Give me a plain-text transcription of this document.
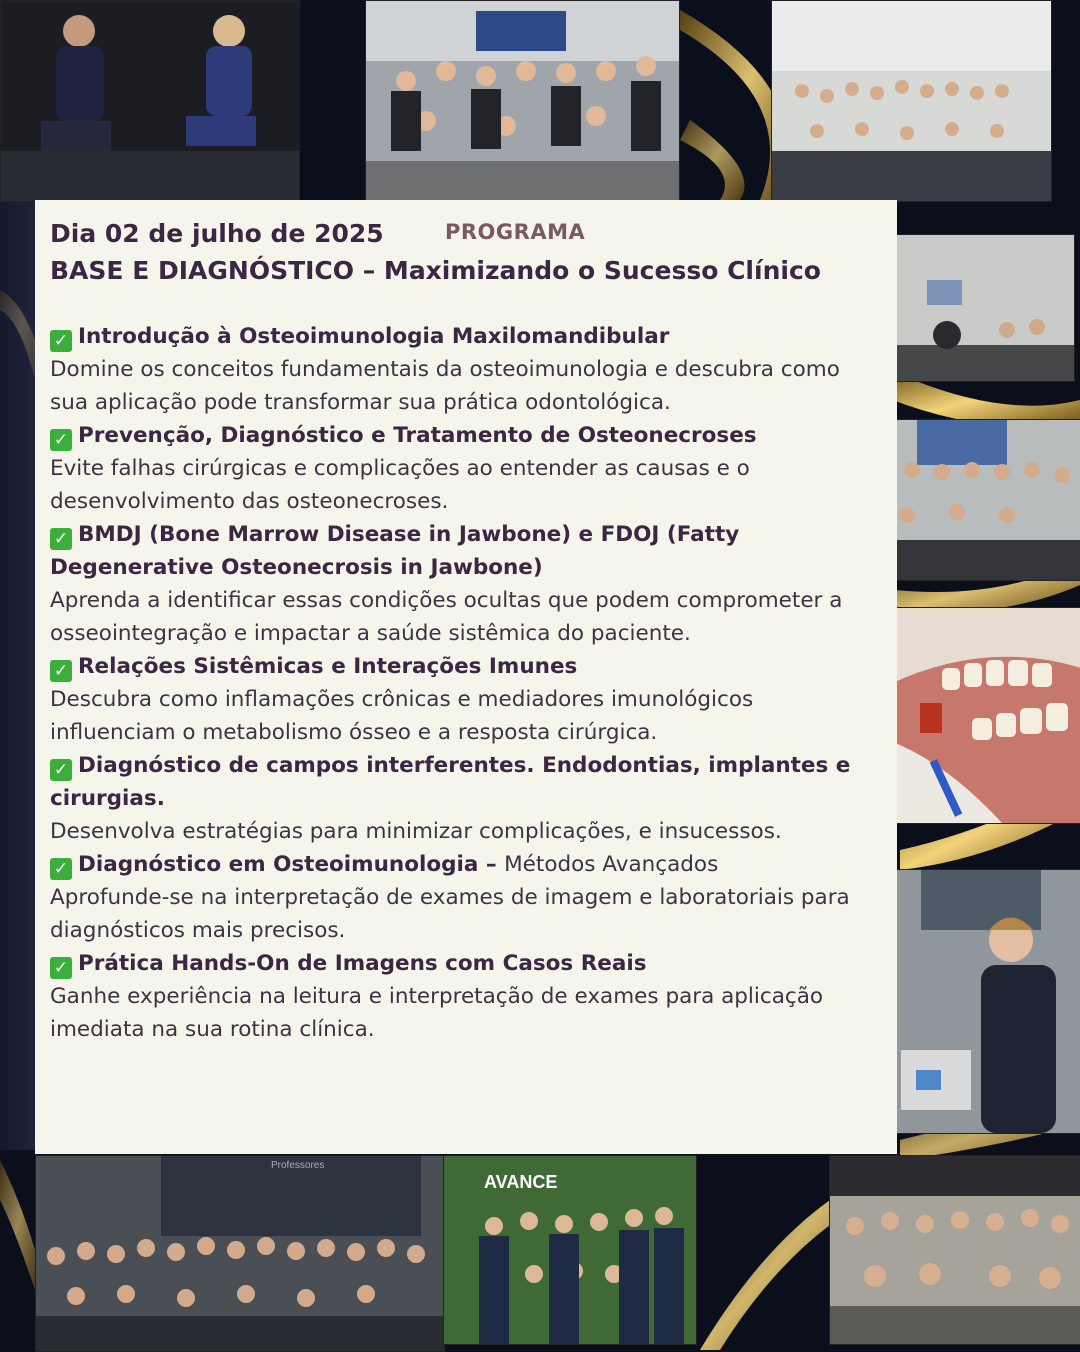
Professores
AVANCE
Dia 02 de julho de 2025	PROGRAMA
BASE E DIAGNÓSTICO – Maximizando o Sucesso Clínico
✓ Introdução à Osteoimunologia Maxilomandibular
Domine os conceitos fundamentais da osteoimunologia e descubra como sua aplicação pode transformar sua prática odontológica.
✓ Prevenção, Diagnóstico e Tratamento de Osteonecroses
Evite falhas cirúrgicas e complicações ao entender as causas e o desenvolvimento das osteonecroses.
✓ BMDJ (Bone Marrow Disease in Jawbone) e FDOJ (Fatty Degenerative Osteonecrosis in Jawbone)
Aprenda a identificar essas condições ocultas que podem comprometer a osseointegração e impactar a saúde sistêmica do paciente.
✓ Relações Sistêmicas e Interações Imunes
Descubra como inflamações crônicas e mediadores imunológicos influenciam o metabolismo ósseo e a resposta cirúrgica.
✓ Diagnóstico de campos interferentes. Endodontias, implantes e cirurgias.
Desenvolva estratégias para minimizar complicações, e insucessos.
✓ Diagnóstico em Osteoimunologia – Métodos Avançados
Aprofunde-se na interpretação de exames de imagem e laboratoriais para diagnósticos mais precisos.
✓ Prática Hands-On de Imagens com Casos Reais
Ganhe experiência na leitura e interpretação de exames para aplicação imediata na sua rotina clínica.
